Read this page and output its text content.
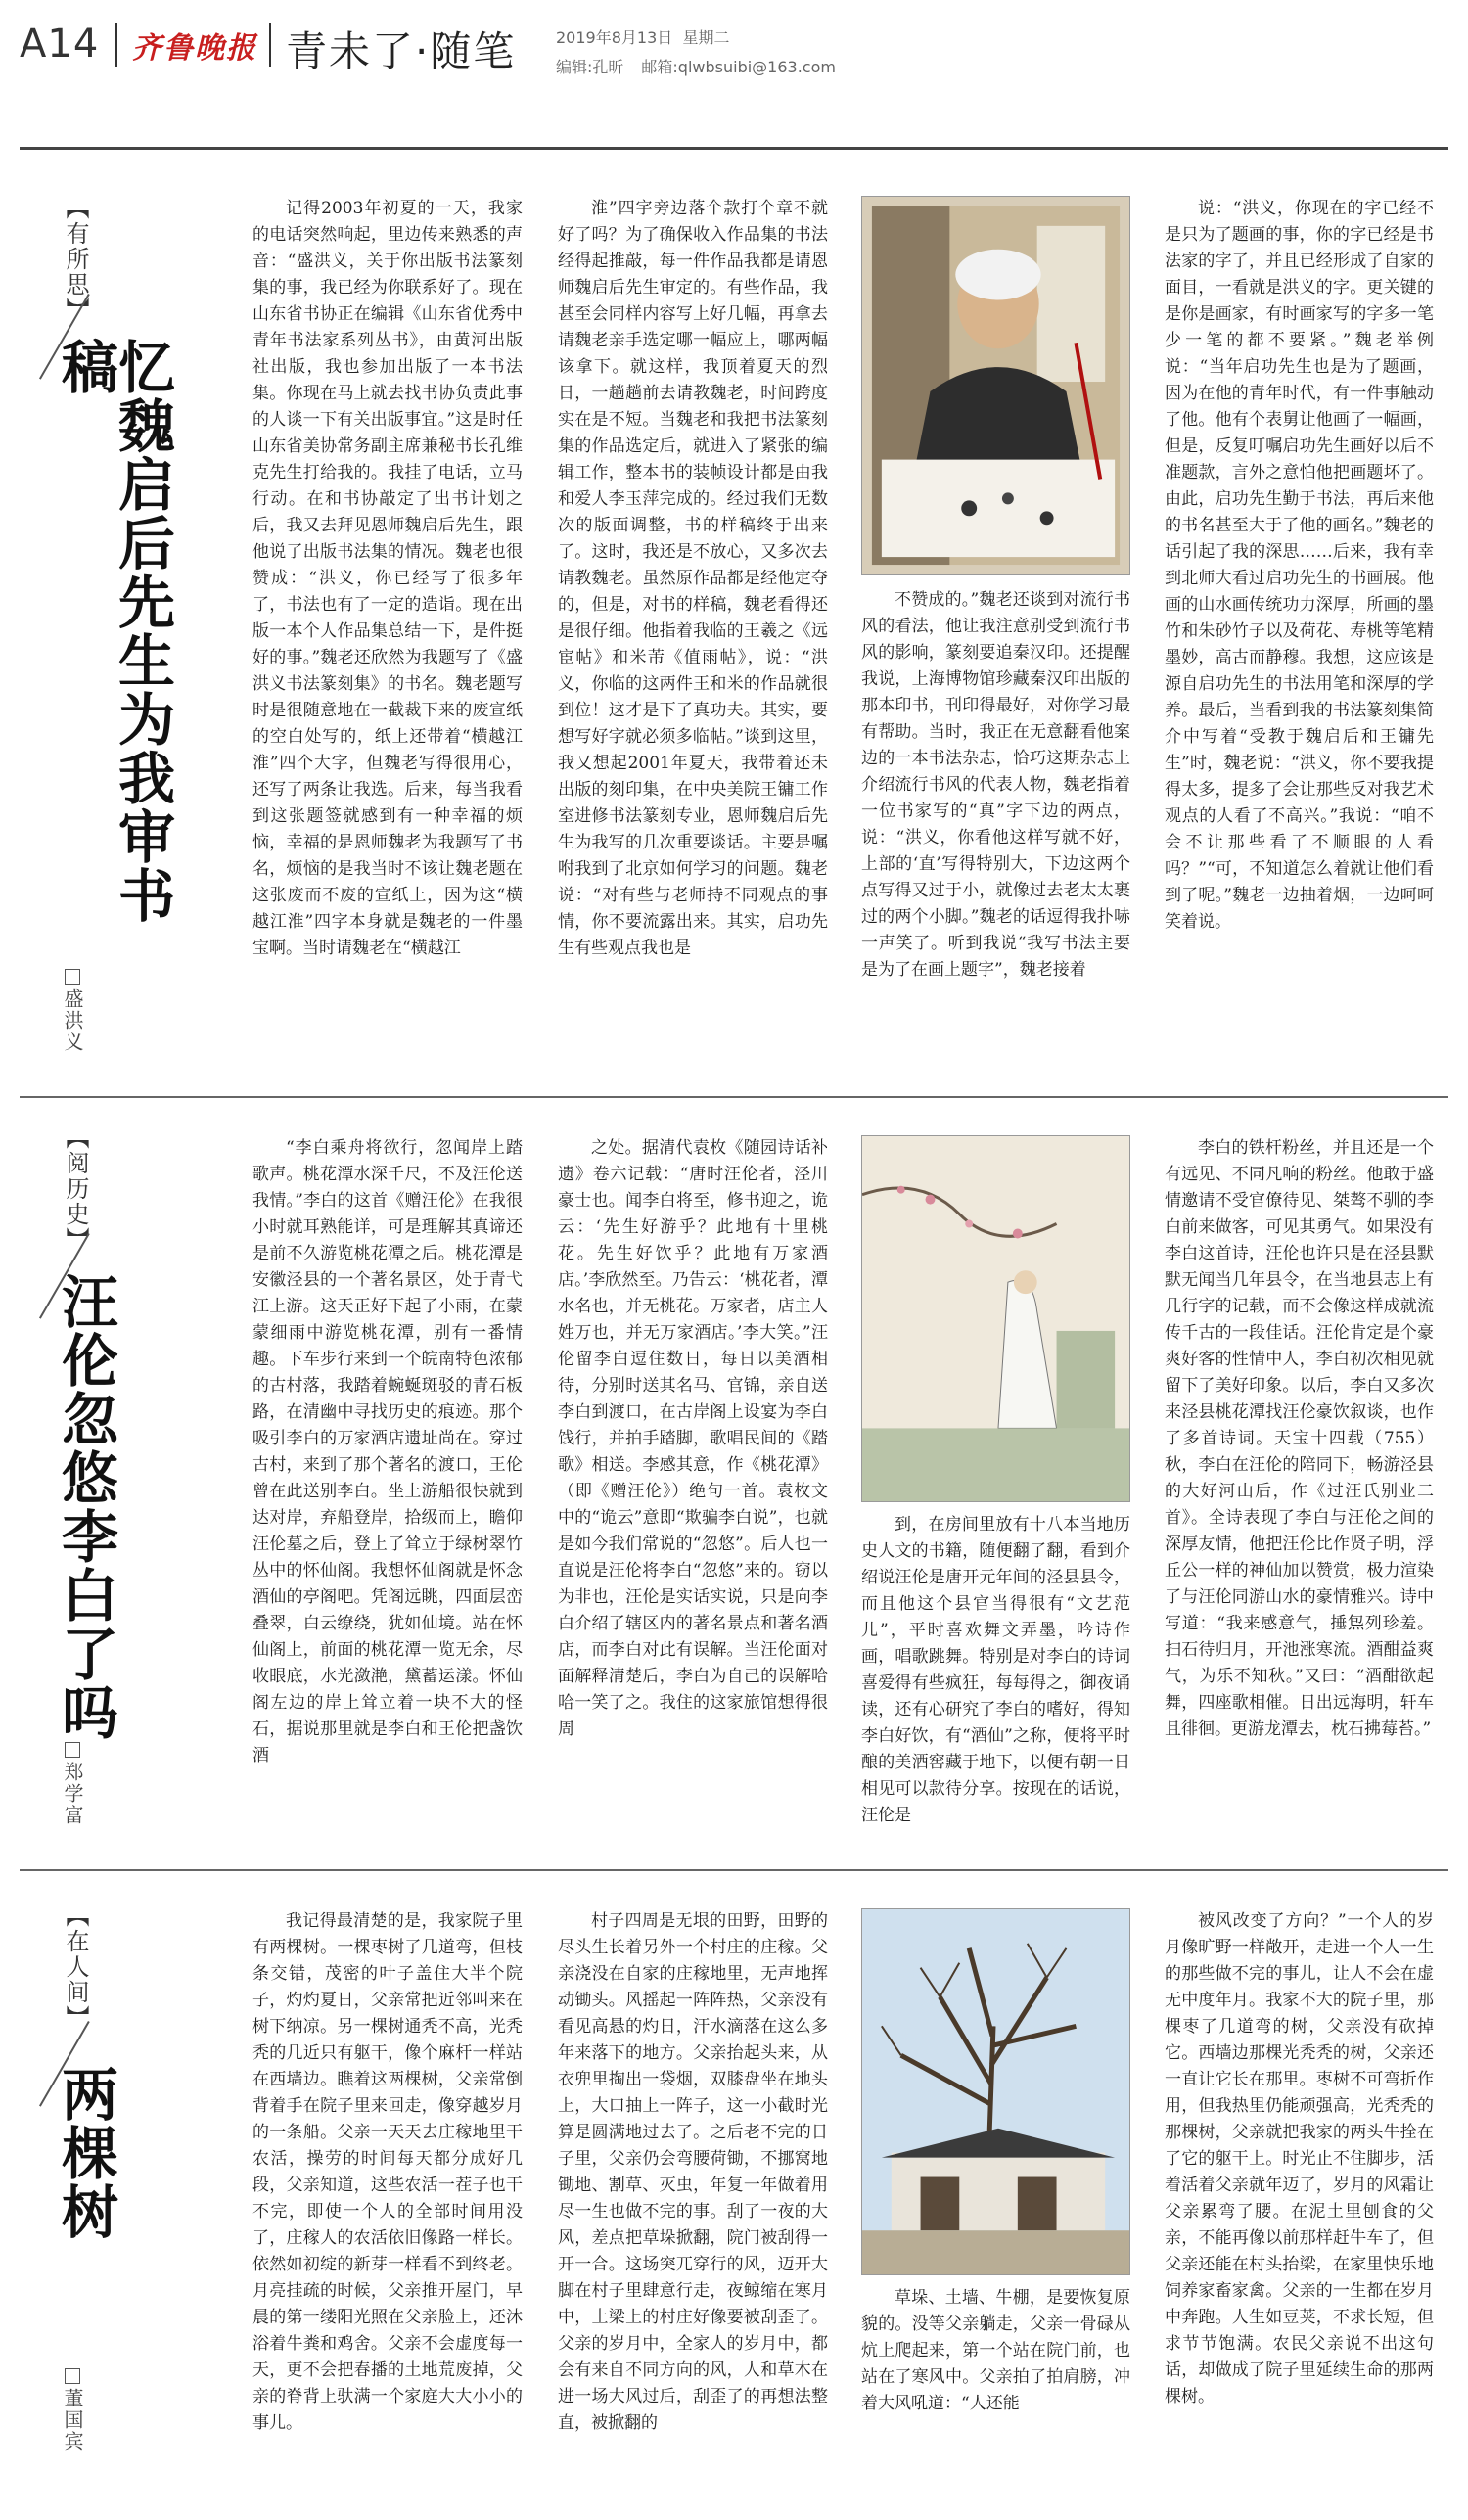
A14 齐鲁晚报 青未了·随笔	2019年8月13日 星期二
编辑:孔昕 邮箱:qlwbsuibi@163.com
【有所思】
忆魏启后先生为我审书稿
盛洪义

记得2003年初夏的一天，我家的电话突然响起，里边传来熟悉的声音：“盛洪义，关于你出版书法篆刻集的事，我已经为你联系好了。现在山东省书协正在编辑《山东省优秀中青年书法家系列丛书》，由黄河出版社出版，我也参加出版了一本书法集。你现在马上就去找书协负责此事的人谈一下有关出版事宜。”这是时任山东省美协常务副主席兼秘书长孔维克先生打给我的。我挂了电话，立马行动。在和书协敲定了出书计划之后，我又去拜见恩师魏启后先生，跟他说了出版书法集的情况。魏老也很赞成：“洪义，你已经写了很多年了，书法也有了一定的造诣。现在出版一本个人作品集总结一下，是件挺好的事。”魏老还欣然为我题写了《盛洪义书法篆刻集》的书名。魏老题写时是很随意地在一截裁下来的废宣纸的空白处写的，纸上还带着“横越江淮”四个大字，但魏老写得很用心，还写了两条让我选。后来，每当我看到这张题签就感到有一种幸福的烦恼，幸福的是恩师魏老为我题写了书名，烦恼的是我当时不该让魏老题在这张废而不废的宣纸上，因为这“横越江淮”四字本身就是魏老的一件墨宝啊。当时请魏老在“横越江

淮”四字旁边落个款打个章不就好了吗？为了确保收入作品集的书法经得起推敲，每一件作品我都是请恩师魏启后先生审定的。有些作品，我甚至会同样内容写上好几幅，再拿去请魏老亲手选定哪一幅应上，哪两幅该拿下。就这样，我顶着夏天的烈日，一趟趟前去请教魏老，时间跨度实在是不短。当魏老和我把书法篆刻集的作品选定后，就进入了紧张的编辑工作，整本书的装帧设计都是由我和爱人李玉萍完成的。经过我们无数次的版面调整，书的样稿终于出来了。这时，我还是不放心，又多次去请教魏老。虽然原作品都是经他定夺的，但是，对书的样稿，魏老看得还是很仔细。他指着我临的王羲之《远宦帖》和米芾《值雨帖》，说：“洪义，你临的这两件王和米的作品就很到位！这才是下了真功夫。其实，要想写好字就必须多临帖。”谈到这里，我又想起2001年夏天，我带着还未出版的刻印集，在中央美院王镛工作室进修书法篆刻专业，恩师魏启后先生为我写的几次重要谈话。主要是嘱咐我到了北京如何学习的问题。魏老说：“对有些与老师持不同观点的事情，你不要流露出来。其实，启功先生有些观点我也是

不赞成的。”魏老还谈到对流行书风的看法，他让我注意别受到流行书风的影响，篆刻要追秦汉印。还提醒我说，上海博物馆珍藏秦汉印出版的那本印书，刊印得最好，对你学习最有帮助。当时，我正在无意翻看他案边的一本书法杂志，恰巧这期杂志上介绍流行书风的代表人物，魏老指着一位书家写的“真”字下边的两点，说：“洪义，你看他这样写就不好，上部的‘直’写得特别大，下边这两个点写得又过于小，就像过去老太太裹过的两个小脚。”魏老的话逗得我扑哧一声笑了。听到我说“我写书法主要是为了在画上题字”，魏老接着

说：“洪义，你现在的字已经不是只为了题画的事，你的字已经是书法家的字了，并且已经形成了自家的面目，一看就是洪义的字。更关键的是你是画家，有时画家写的字多一笔少一笔的都不要紧。”魏老举例说：“当年启功先生也是为了题画，因为在他的青年时代，有一件事触动了他。他有个表舅让他画了一幅画，但是，反复叮嘱启功先生画好以后不准题款，言外之意怕他把画题坏了。由此，启功先生勤于书法，再后来他的书名甚至大于了他的画名。”魏老的话引起了我的深思……后来，我有幸到北师大看过启功先生的书画展。他画的山水画传统功力深厚，所画的墨竹和朱砂竹子以及荷花、寿桃等笔精墨妙，高古而静穆。我想，这应该是源自启功先生的书法用笔和深厚的学养。最后，当看到我的书法篆刻集简介中写着“受教于魏启后和王镛先生”时，魏老说：“洪义，你不要我提得太多，提多了会让那些反对我艺术观点的人看了不高兴。”我说：“咱不会不让那些看了不顺眼的人看吗？”“可，不知道怎么着就让他们看到了呢。”魏老一边抽着烟，一边呵呵笑着说。

【阅历史】
汪伦忽悠李白了吗
郑学富

“李白乘舟将欲行，忽闻岸上踏歌声。桃花潭水深千尺，不及汪伦送我情。”李白的这首《赠汪伦》在我很小时就耳熟能详，可是理解其真谛还是前不久游览桃花潭之后。桃花潭是安徽泾县的一个著名景区，处于青弋江上游。这天正好下起了小雨，在蒙蒙细雨中游览桃花潭，别有一番情趣。下车步行来到一个皖南特色浓郁的古村落，我踏着蜿蜒斑驳的青石板路，在清幽中寻找历史的痕迹。那个吸引李白的万家酒店遗址尚在。穿过古村，来到了那个著名的渡口，王伦曾在此送别李白。坐上游船很快就到达对岸，弃船登岸，拾级而上，瞻仰汪伦墓之后，登上了耸立于绿树翠竹丛中的怀仙阁。我想怀仙阁就是怀念酒仙的亭阁吧。凭阁远眺，四面层峦叠翠，白云缭绕，犹如仙境。站在怀仙阁上，前面的桃花潭一览无余，尽收眼底，水光潋滟，黛蓄运漾。怀仙阁左边的岸上耸立着一块不大的怪石，据说那里就是李白和王伦把盏饮酒

之处。据清代袁枚《随园诗话补遗》卷六记载：“唐时汪伦者，泾川豪士也。闻李白将至，修书迎之，诡云：‘先生好游乎？此地有十里桃花。先生好饮乎？此地有万家酒店。’李欣然至。乃告云：‘桃花者，潭水名也，并无桃花。万家者，店主人姓万也，并无万家酒店。’李大笑。”汪伦留李白逗住数日，每日以美酒相待，分别时送其名马、官锦，亲自送李白到渡口，在古岸阁上设宴为李白饯行，并拍手踏脚，歌唱民间的《踏歌》相送。李感其意，作《桃花潭》（即《赠汪伦》）绝句一首。袁枚文中的“诡云”意即“欺骗李白说”，也就是如今我们常说的“忽悠”。后人也一直说是汪伦将李白“忽悠”来的。窃以为非也，汪伦是实话实说，只是向李白介绍了辖区内的著名景点和著名酒店，而李白对此有误解。当汪伦面对面解释清楚后，李白为自己的误解哈哈一笑了之。我住的这家旅馆想得很周

到，在房间里放有十八本当地历史人文的书籍，随便翻了翻，看到介绍说汪伦是唐开元年间的泾县县令，而且他这个县官当得很有“文艺范儿”，平时喜欢舞文弄墨，吟诗作画，唱歌跳舞。特别是对李白的诗词喜爱得有些疯狂，每每得之，御夜诵读，还有心研究了李白的嗜好，得知李白好饮，有“酒仙”之称，便将平时酿的美酒窖藏于地下，以便有朝一日相见可以款待分享。按现在的话说，汪伦是

李白的铁杆粉丝，并且还是一个有远见、不同凡响的粉丝。他敢于盛情邀请不受官僚待见、桀骜不驯的李白前来做客，可见其勇气。如果没有李白这首诗，汪伦也许只是在泾县默默无闻当几年县令，在当地县志上有几行字的记载，而不会像这样成就流传千古的一段佳话。汪伦肯定是个豪爽好客的性情中人，李白初次相见就留下了美好印象。以后，李白又多次来泾县桃花潭找汪伦豪饮叙谈，也作了多首诗词。天宝十四载（755）秋，李白在汪伦的陪同下，畅游泾县的大好河山后，作《过汪氏别业二首》。全诗表现了李白与汪伦之间的深厚友情，他把汪伦比作贤子明，浮丘公一样的神仙加以赞赏，极力渲染了与汪伦同游山水的豪情雅兴。诗中写道：“我来感意气，捶炰列珍羞。扫石待归月，开池涨寒流。酒酣益爽气，为乐不知秋。”又曰：“酒酣欲起舞，四座歌相催。日出远海明，轩车且徘徊。更游龙潭去，枕石拂莓苔。”

【在人间】
两棵树
董国宾

我记得最清楚的是，我家院子里有两棵树。一棵枣树了几道弯，但枝条交错，茂密的叶子盖住大半个院子，灼灼夏日，父亲常把近邻叫来在树下纳凉。另一棵树通秃不高，光秃秃的几近只有躯干，像个麻杆一样站在西墙边。瞧着这两棵树，父亲常倒背着手在院子里来回走，像穿越岁月的一条船。父亲一天天去庄稼地里干农活，操劳的时间每天都分成好几段，父亲知道，这些农活一茬子也干不完，即使一个人的全部时间用没了，庄稼人的农活依旧像路一样长。依然如初绽的新芽一样看不到终老。月亮挂疏的时候，父亲推开屋门，早晨的第一缕阳光照在父亲脸上，还沐浴着牛粪和鸡舍。父亲不会虚度每一天，更不会把春播的土地荒废掉，父亲的脊背上驮满一个家庭大大小小的事儿。

村子四周是无垠的田野，田野的尽头生长着另外一个村庄的庄稼。父亲浇没在自家的庄稼地里，无声地挥动锄头。风摇起一阵阵热，父亲没有看见高悬的灼日，汗水滴落在这么多年来落下的地方。父亲抬起头来，从衣兜里掏出一袋烟，双膝盘坐在地头上，大口抽上一阵子，这一小截时光算是圆满地过去了。之后老不完的日子里，父亲仍会弯腰荷锄，不挪窝地锄地、割草、灭虫，年复一年做着用尽一生也做不完的事。刮了一夜的大风，差点把草垛掀翻，院门被刮得一开一合。这场突兀穿行的风，迈开大脚在村子里肆意行走，夜鲸缩在寒月中，土梁上的村庄好像要被刮歪了。父亲的岁月中，全家人的岁月中，都会有来自不同方向的风，人和草木在进一场大风过后，刮歪了的再想法整直，被掀翻的

草垛、土墙、牛棚，是要恢复原貌的。没等父亲躺走，父亲一骨碌从炕上爬起来，第一个站在院门前，也站在了寒风中。父亲拍了拍肩膀，冲着大风吼道：“人还能

被风改变了方向？”一个人的岁月像旷野一样敞开，走进一个人一生的那些做不完的事儿，让人不会在虚无中度年月。我家不大的院子里，那棵枣了几道弯的树，父亲没有砍掉它。西墙边那棵光秃秃的树，父亲还一直让它长在那里。枣树不可弯折作用，但我热里仍能顽强高，光秃秃的那棵树，父亲就把我家的两头牛拴在了它的躯干上。时光止不住脚步，活着活着父亲就年迈了，岁月的风霜让父亲累弯了腰。在泥土里刨食的父亲，不能再像以前那样赶牛车了，但父亲还能在村头抬梁，在家里快乐地饲养家畜家禽。父亲的一生都在岁月中奔跑。人生如豆荚，不求长短，但求节节饱满。农民父亲说不出这句话，却做成了院子里延续生命的那两棵树。
